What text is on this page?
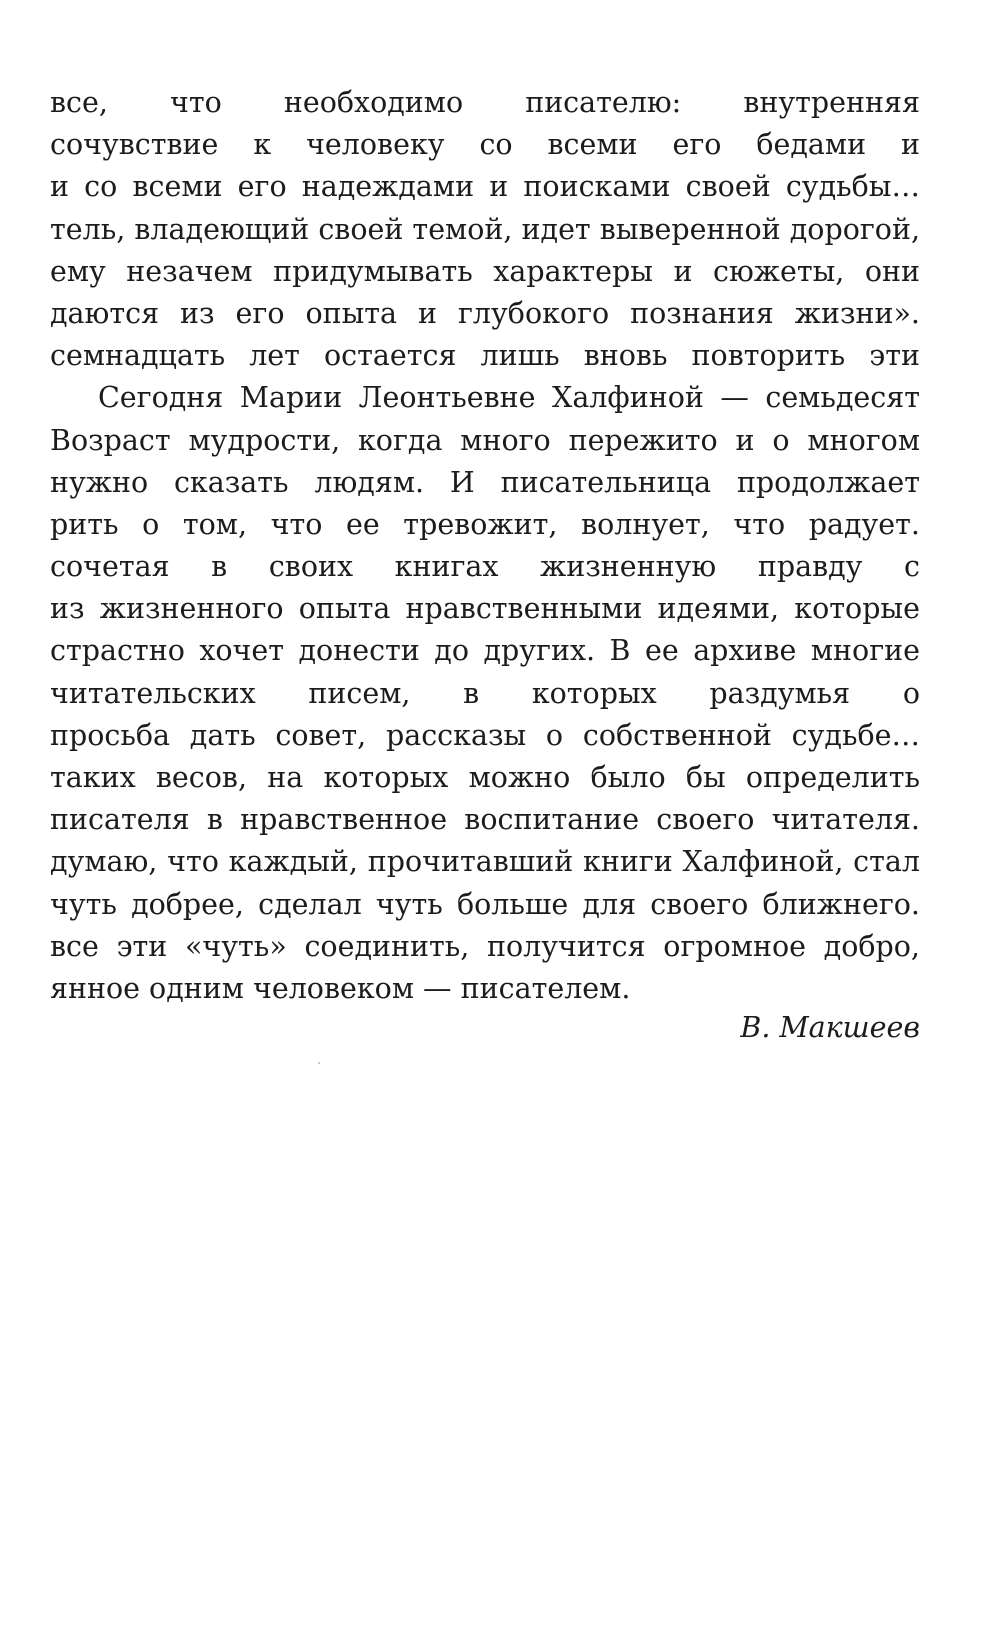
все, что необходимо писателю: внутренняя
сочувствие к человеку со всеми его бедами и
и со всеми его надеждами и поисками своей судьбы…
тель, владеющий своей темой, идет выверенной дорогой,
ему незачем придумывать характеры и сюжеты, они
даются из его опыта и глубокого познания жизни».
семнадцать лет остается лишь вновь повторить эти
Сегодня Марии Леонтьевне Халфиной — семьдесят
Возраст мудрости, когда много пережито и о многом
нужно сказать людям. И писательница продолжает
рить о том, что ее тревожит, волнует, что радует.
сочетая в своих книгах жизненную правду с
из жизненного опыта нравственными идеями, которые
страстно хочет донести до других. В ее архиве многие
читательских писем, в которых раздумья о
просьба дать совет, рассказы о собственной судьбе…
таких весов, на которых можно было бы определить
писателя в нравственное воспитание своего читателя.
думаю, что каждый, прочитавший книги Халфиной, стал
чуть добрее, сделал чуть больше для своего ближнего.
все эти «чуть» соединить, получится огромное добро,
янное одним человеком — писателем.
В. Макшеев
